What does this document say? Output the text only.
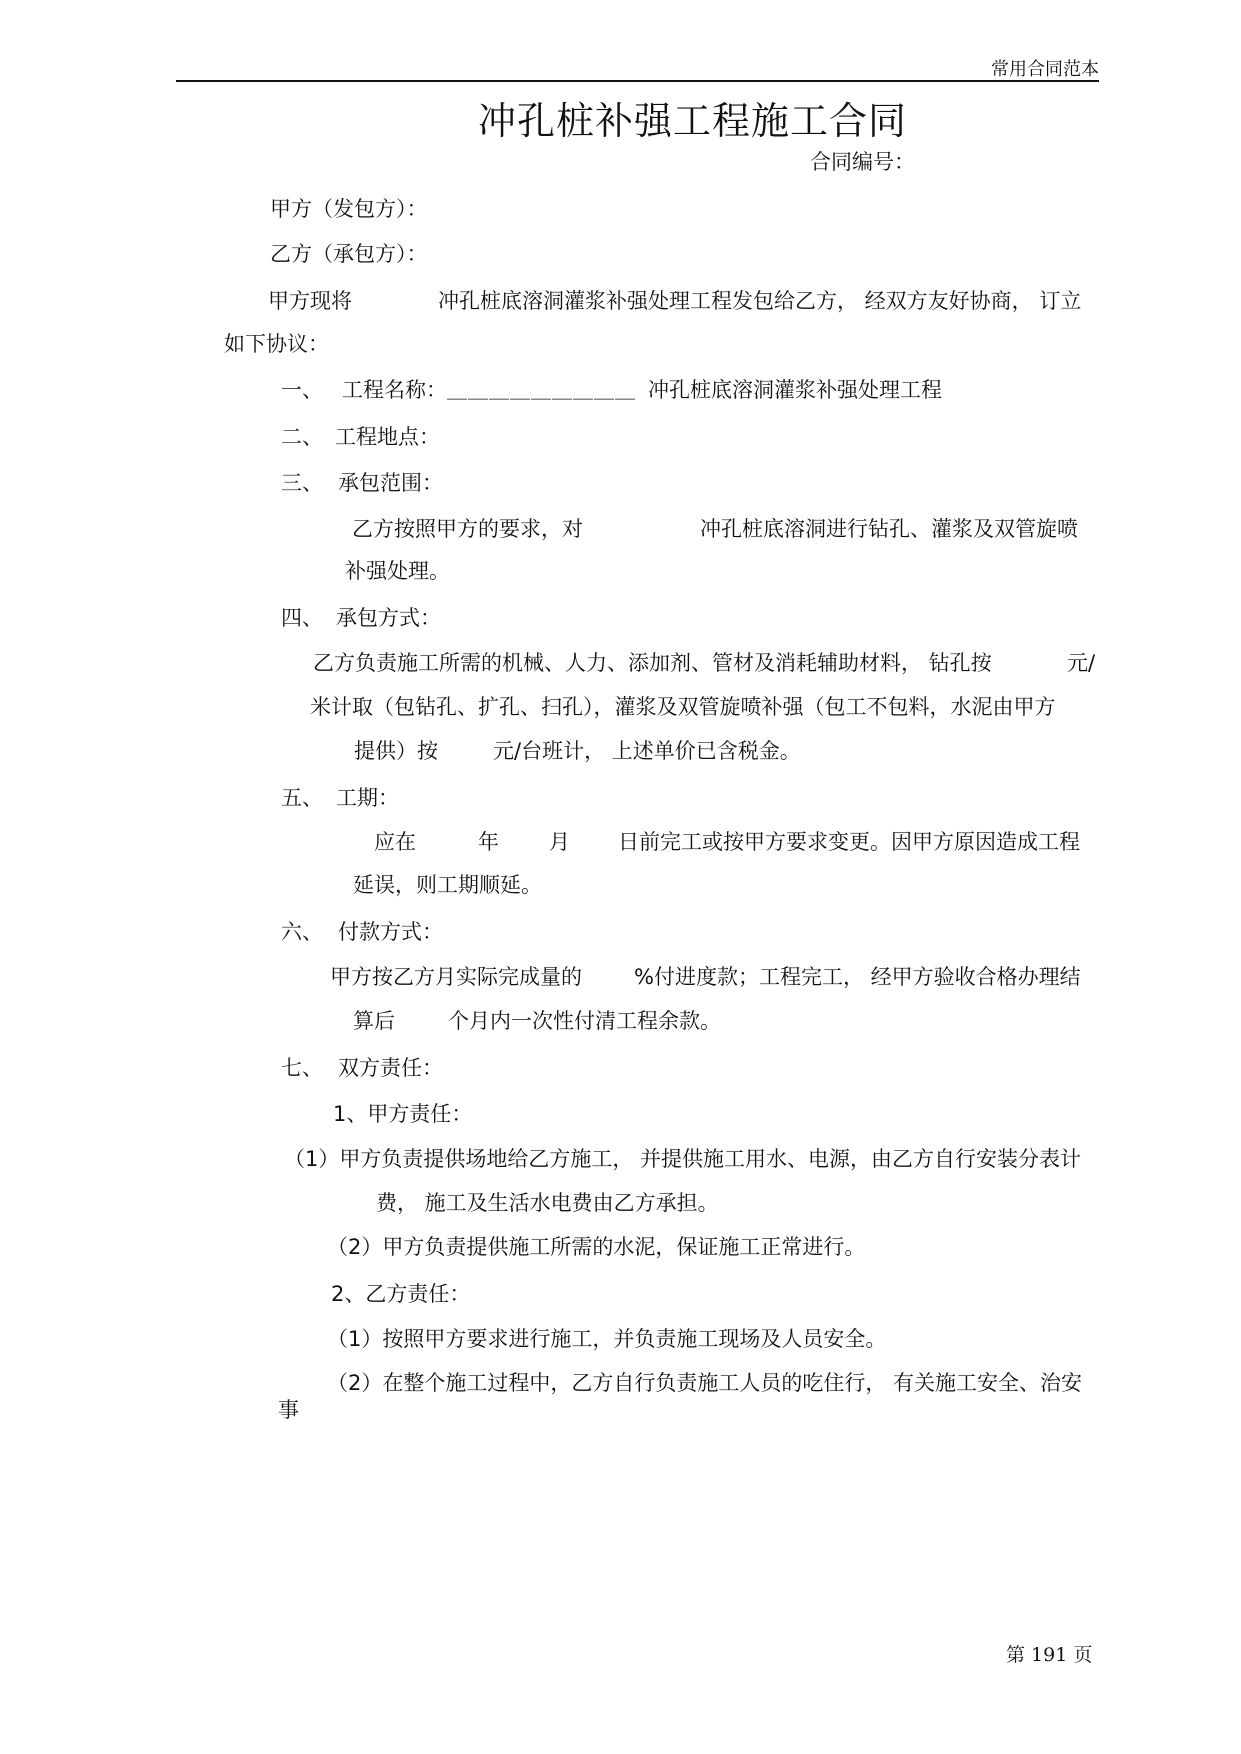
常用合同范本
冲孔桩补强工程施工合同
合同编号：
甲方（发包方）：
乙方（承包方）：
甲方现将	冲孔桩底溶洞灌浆补强处理工程发包给乙方， 经双方友好协商， 订立
如下协议：
一、 工程名称： ＿＿＿＿＿＿＿＿＿ 冲孔桩底溶洞灌浆补强处理工程
二、 工程地点：
三、 承包范围：
乙方按照甲方的要求，对	冲孔桩底溶洞进行钻孔、灌浆及双管旋喷
补强处理。
四、 承包方式：
乙方负责施工所需的机械、人力、添加剂、管材及消耗辅助材料， 钻孔按	元/
米计取（包钻孔、扩孔、扫孔），灌浆及双管旋喷补强（包工不包料，水泥由甲方
提供）按	元/台班计， 上述单价已含税金。
五、 工期：
应在	年 月 日前完工或按甲方要求变更。因甲方原因造成工程
延误，则工期顺延。
六、 付款方式：
甲方按乙方月实际完成量的 %付进度款；工程完工， 经甲方验收合格办理结
算后	个月内一次性付清工程余款。
七、 双方责任：
1、甲方责任：
（1）甲方负责提供场地给乙方施工， 并提供施工用水、电源，由乙方自行安装分表计
费， 施工及生活水电费由乙方承担。
（2）甲方负责提供施工所需的水泥，保证施工正常进行。
2、乙方责任：
（1）按照甲方要求进行施工，并负责施工现场及人员安全。
（2）在整个施工过程中，乙方自行负责施工人员的吃住行， 有关施工安全、治安
事
第 191 页
